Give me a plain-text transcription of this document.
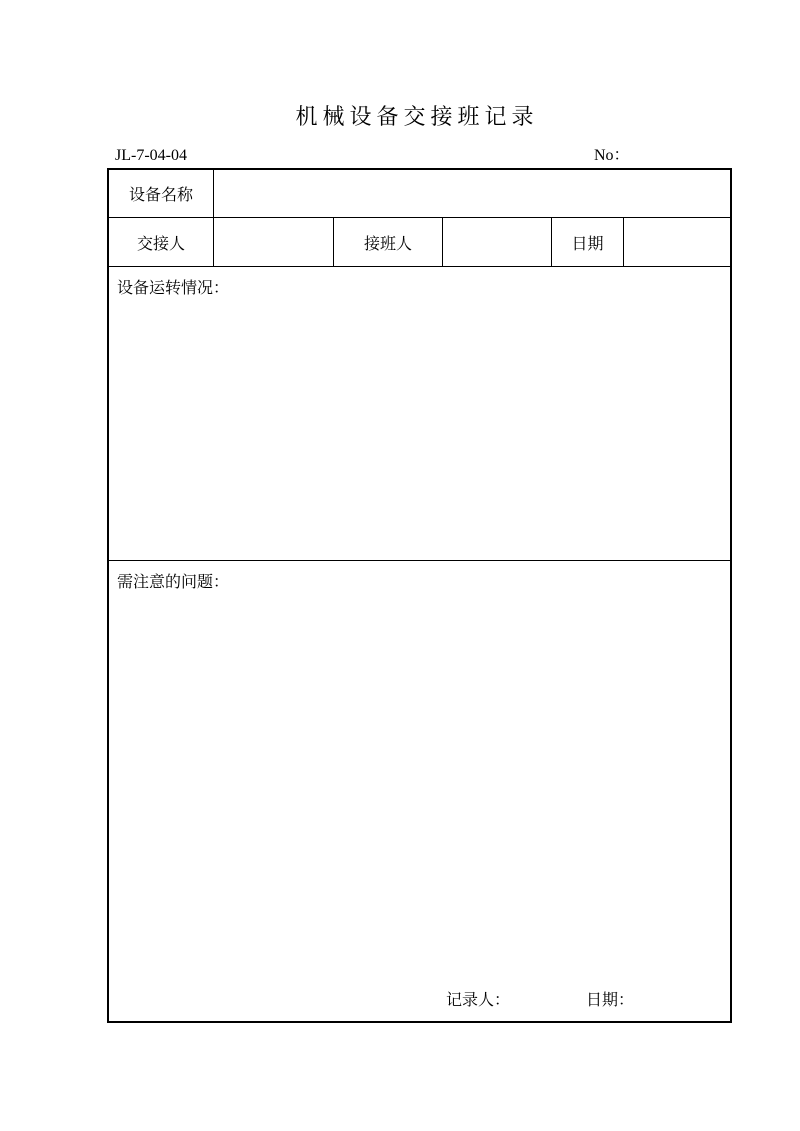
机械设备交接班记录
JL-7-04-04	No：
设备名称
交接人	接班人	日期
设备运转情况：
需注意的问题：
记录人：	日期：
